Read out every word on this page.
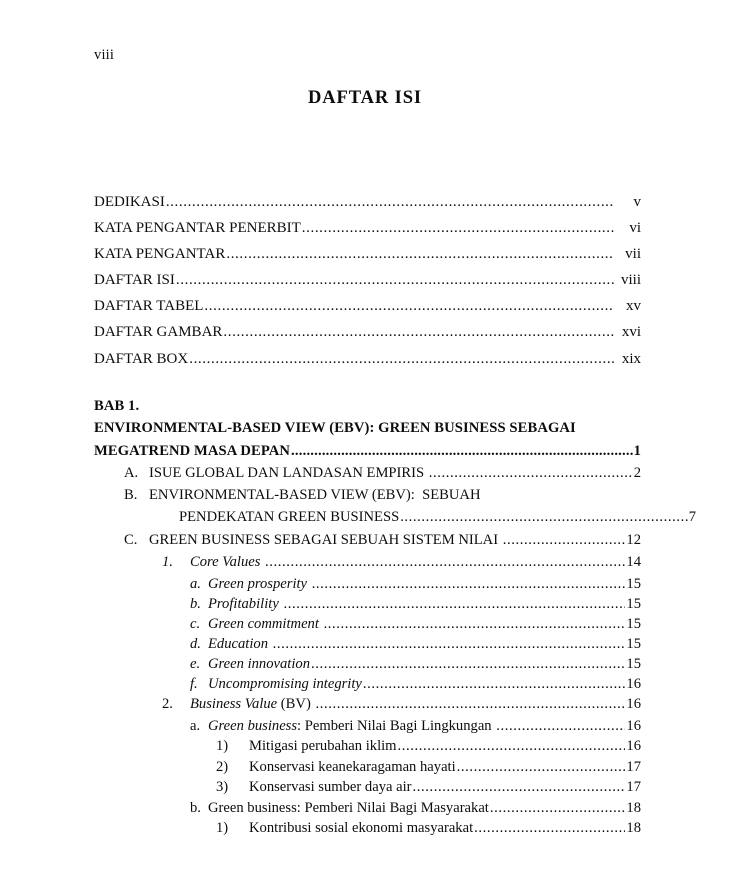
viii
DAFTAR ISI
DEDIKASI .....	v
KATA PENGANTAR PENERBIT .....	vi
KATA PENGANTAR .....	vii
DAFTAR ISI .....	viii
DAFTAR TABEL .....	xv
DAFTAR GAMBAR .....	xvi
DAFTAR BOX .....	xix
BAB 1.
ENVIRONMENTAL-BASED VIEW (EBV): GREEN BUSINESS SEBAGAI
MEGATREND MASA DEPAN .....	1
A. ISUE GLOBAL DAN LANDASAN EMPIRIS .....	2
B. ENVIRONMENTAL-BASED VIEW (EBV):  SEBUAH
PENDEKATAN GREEN BUSINESS .....	7
C. GREEN BUSINESS SEBAGAI SEBUAH SISTEM NILAI .....	12
1.	Core Values .....	14
a. Green prosperity .....	15
b. Profitability .....	15
c. Green commitment .....	15
d. Education .....	15
e. Green innovation .....	15
f. Uncompromising integrity .....	16
2.	Business Value (BV) .....	16
a. Green business : Pemberi Nilai Bagi Lingkungan .....	16
1)	Mitigasi perubahan iklim .....	16
2)	Konservasi keanekaragaman hayati .....	17
3)	Konservasi sumber daya air .....	17
b. Green business: Pemberi Nilai Bagi Masyarakat .....	18
1)	Kontribusi sosial ekonomi masyarakat .....	18
